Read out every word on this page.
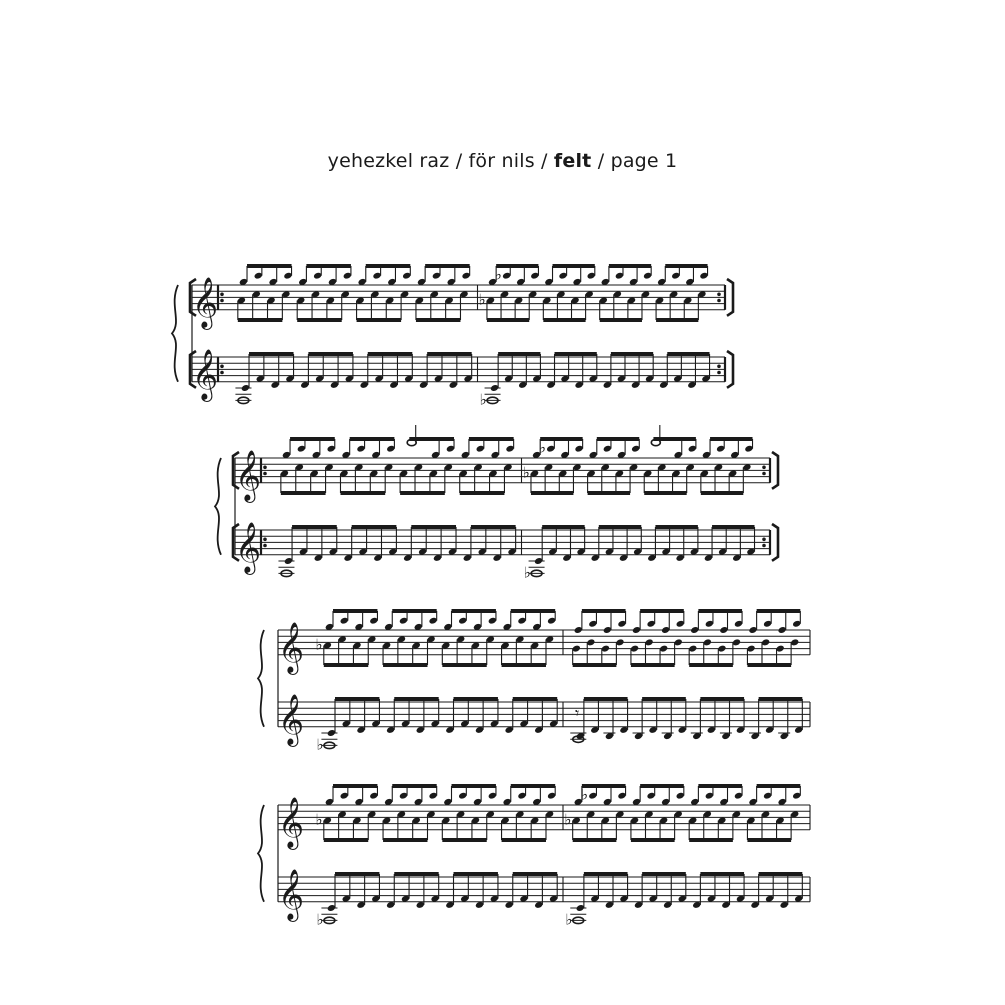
yehezkel raz / för nils / felt / page 1
𝄞
𝄞
♭
♭
♭
𝄞
𝄞
♭
♭
♭
𝄞
𝄞
♭
♭
𝄾
𝄞
𝄞
♭	♭
♭
♭	♭
